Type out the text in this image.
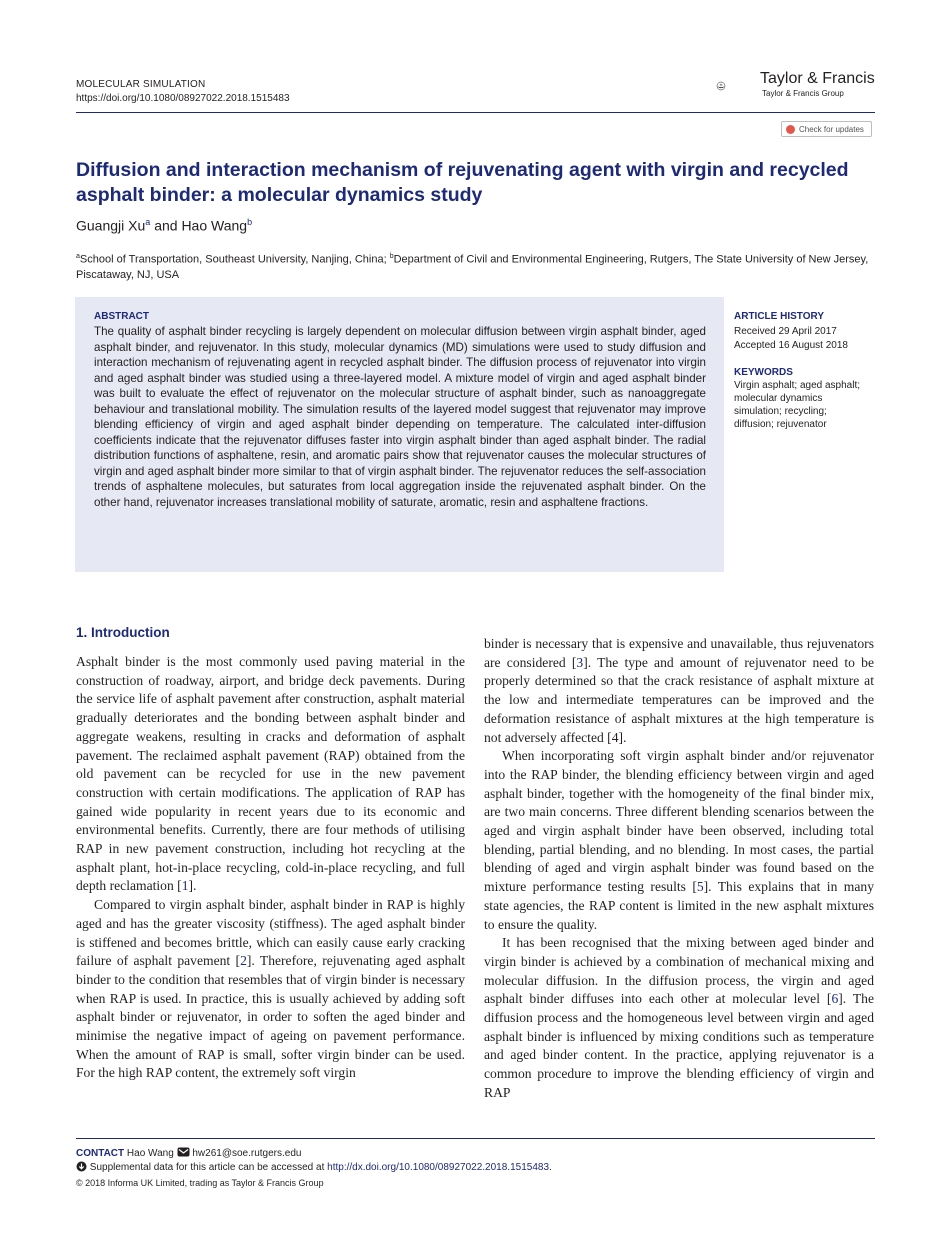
MOLECULAR SIMULATION
https://doi.org/10.1080/08927022.2018.1515483
Taylor & Francis
Taylor & Francis Group
Check for updates
Diffusion and interaction mechanism of rejuvenating agent with virgin and recycled asphalt binder: a molecular dynamics study
Guangji Xu$^a$ and Hao Wang$^b$
$^a$School of Transportation, Southeast University, Nanjing, China; $^b$Department of Civil and Environmental Engineering, Rutgers, The State University of New Jersey, Piscataway, NJ, USA
ABSTRACT
The quality of asphalt binder recycling is largely dependent on molecular diffusion between virgin asphalt binder, aged asphalt binder, and rejuvenator. In this study, molecular dynamics (MD) simulations were used to study diffusion and interaction mechanism of rejuvenating agent in recycled asphalt binder. The diffusion process of rejuvenator into virgin and aged asphalt binder was studied using a three-layered model. A mixture model of virgin and aged asphalt binder was built to evaluate the effect of rejuvenator on the molecular structure of asphalt binder, such as nanoaggregate behaviour and translational mobility. The simulation results of the layered model suggest that rejuvenator may improve blending efficiency of virgin and aged asphalt binder depending on temperature. The calculated inter-diffusion coefficients indicate that the rejuvenator diffuses faster into virgin asphalt binder than aged asphalt binder. The radial distribution functions of asphaltene, resin, and aromatic pairs show that rejuvenator causes the molecular structures of virgin and aged asphalt binder more similar to that of virgin asphalt binder. The rejuvenator reduces the self-association trends of asphaltene molecules, but saturates from local aggregation inside the rejuvenated asphalt binder. On the other hand, rejuvenator increases translational mobility of saturate, aromatic, resin and asphaltene fractions.
ARTICLE HISTORY
Received 29 April 2017
Accepted 16 August 2018
KEYWORDS
Virgin asphalt; aged asphalt;
molecular dynamics
simulation; recycling;
diffusion; rejuvenator
1. Introduction

Asphalt binder is the most commonly used paving material in the construction of roadway, airport, and bridge deck pavements. During the service life of asphalt pavement after construction, asphalt material gradually deteriorates and the bonding between asphalt binder and aggregate weakens, resulting in cracks and deformation of asphalt pavement. The reclaimed asphalt pavement (RAP) obtained from the old pavement can be recycled for use in the new pavement construction with certain modifications. The application of RAP has gained wide popularity in recent years due to its economic and environmental benefits. Currently, there are four methods of utilising RAP in new pavement construction, including hot recycling at the asphalt plant, hot-in-place recycling, cold-in-place recycling, and full depth reclamation [1].

Compared to virgin asphalt binder, asphalt binder in RAP is highly aged and has the greater viscosity (stiffness). The aged asphalt binder is stiffened and becomes brittle, which can easily cause early cracking failure of asphalt pavement [2]. Therefore, rejuvenating aged asphalt binder to the condition that resembles that of virgin binder is necessary when RAP is used. In practice, this is usually achieved by adding soft asphalt binder or rejuvenator, in order to soften the aged binder and minimise the negative impact of ageing on pavement performance. When the amount of RAP is small, softer virgin binder can be used. For the high RAP content, the extremely soft virgin

binder is necessary that is expensive and unavailable, thus rejuvenators are considered [3]. The type and amount of rejuvenator need to be properly determined so that the crack resistance of asphalt mixture at the low and intermediate temperatures can be improved and the deformation resistance of asphalt mixtures at the high temperature is not adversely affected [4].

When incorporating soft virgin asphalt binder and/or rejuvenator into the RAP binder, the blending efficiency between virgin and aged asphalt binder, together with the homogeneity of the final binder mix, are two main concerns. Three different blending scenarios between the aged and virgin asphalt binder have been observed, including total blending, partial blending, and no blending. In most cases, the partial blending of aged and virgin asphalt binder was found based on the mixture performance testing results [5]. This explains that in many state agencies, the RAP content is limited in the new asphalt mixtures to ensure the quality.

It has been recognised that the mixing between aged binder and virgin binder is achieved by a combination of mechanical mixing and molecular diffusion. In the diffusion process, the virgin and aged asphalt binder diffuses into each other at molecular level [6]. The diffusion process and the homogeneous level between virgin and aged asphalt binder is influenced by mixing conditions such as temperature and aged binder content. In the practice, applying rejuvenator is a common procedure to improve the blending efficiency of virgin and RAP

CONTACT Hao Wang hw261@soe.rutgers.edu
Supplemental data for this article can be accessed at http://dx.doi.org/10.1080/08927022.2018.1515483.
© 2018 Informa UK Limited, trading as Taylor & Francis Group
